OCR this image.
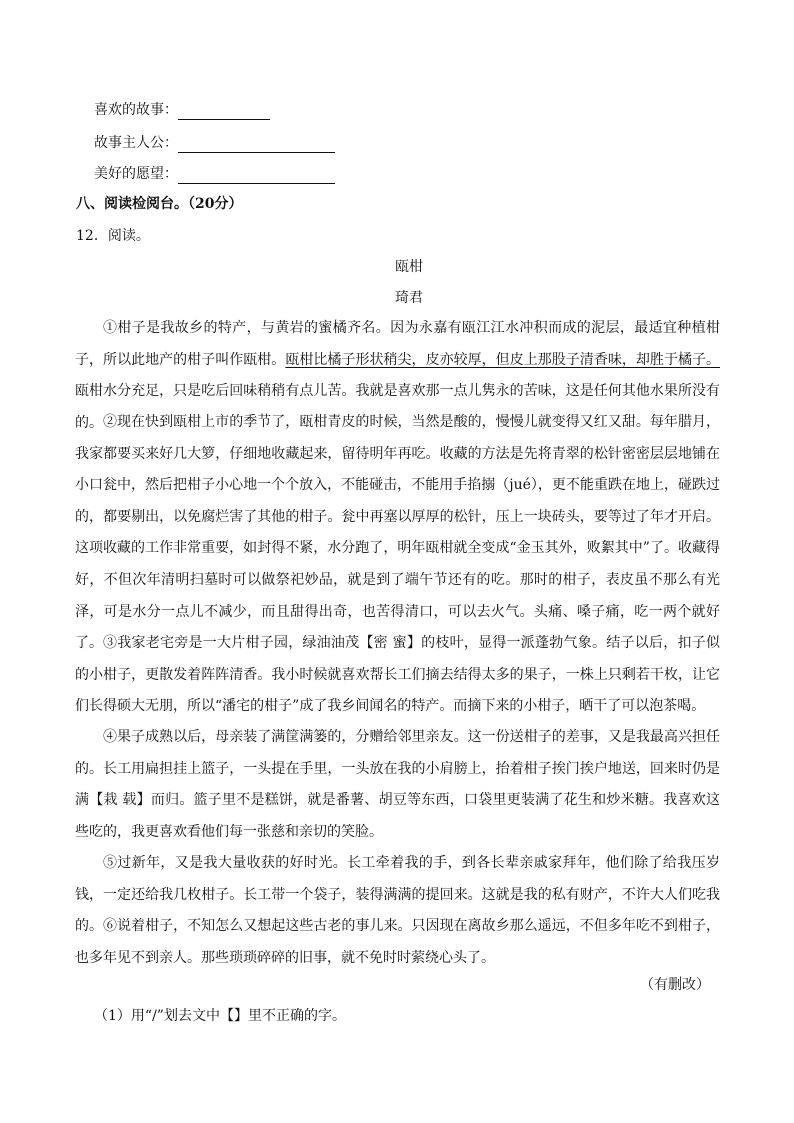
喜欢的故事：
故事主人公：
美好的愿望：
八、阅读检阅台。（20分）
12．阅读。
瓯柑
琦君
①柑子是我故乡的特产，与黄岩的蜜橘齐名。因为永嘉有瓯江江水冲积而成的泥层，最适宜种植柑子，所以此地产的柑子叫作瓯柑。瓯柑比橘子形状稍尖，皮亦较厚，但皮上那股子清香味，却胜于橘子。瓯柑水分充足，只是吃后回味稍稍有点儿苦。我就是喜欢那一点儿隽永的苦味，这是任何其他水果所没有的。 ②现在快到瓯柑上市的季节了，瓯柑青皮的时候，当然是酸的，慢慢儿就变得又红又甜。每年腊月，我家都要买来好几大箩，仔细地收藏起来，留待明年再吃。收藏的方法是先将青翠的松针密密层层地铺在小口瓮中，然后把柑子小心地一个个放入，不能碰击，不能用手掐搦（jué），更不能重跌在地上，碰跌过的，都要剔出，以免腐烂害了其他的柑子。瓮中再塞以厚厚的松针，压上一块砖头，要等过了年才开启。这项收藏的工作非常重要，如封得不紧，水分跑了，明年瓯柑就全变成“金玉其外，败絮其中”了。收藏得好，不但次年清明扫墓时可以做祭祀妙品，就是到了端午节还有的吃。那时的柑子，表皮虽不那么有光泽，可是水分一点儿不减少，而且甜得出奇，也苦得清口，可以去火气。头痛、嗓子痛，吃一两个就好了。 ③我家老宅旁是一大片柑子园，绿油油茂【密 蜜】的枝叶，显得一派蓬勃气象。结子以后，扣子似的小柑子，更散发着阵阵清香。我小时候就喜欢帮长工们摘去结得太多的果子，一株上只剩若干枚，让它们长得硕大无朋，所以“潘宅的柑子”成了我乡间闻名的特产。而摘下来的小柑子，晒干了可以泡茶喝。
④果子成熟以后，母亲装了满筐满篓的，分赠给邻里亲友。这一份送柑子的差事，又是我最高兴担任的。长工用扁担挂上篮子，一头提在手里，一头放在我的小肩膀上，抬着柑子挨门挨户地送，回来时仍是满【栽 载】而归。篮子里不是糕饼，就是番薯、胡豆等东西，口袋里更装满了花生和炒米糖。我喜欢这些吃的，我更喜欢看他们每一张慈和亲切的笑脸。
⑤过新年，又是我大量收获的好时光。长工牵着我的手，到各长辈亲戚家拜年，他们除了给我压岁钱，一定还给我几枚柑子。长工带一个袋子，装得满满的提回来。这就是我的私有财产，不许大人们吃我的。 ⑥说着柑子，不知怎么又想起这些古老的事儿来。只因现在离故乡那么遥远，不但多年吃不到柑子，也多年见不到亲人。那些琐琐碎碎的旧事，就不免时时萦绕心头了。
（有删改）
（1）用“/”划去文中【】里不正确的字。
